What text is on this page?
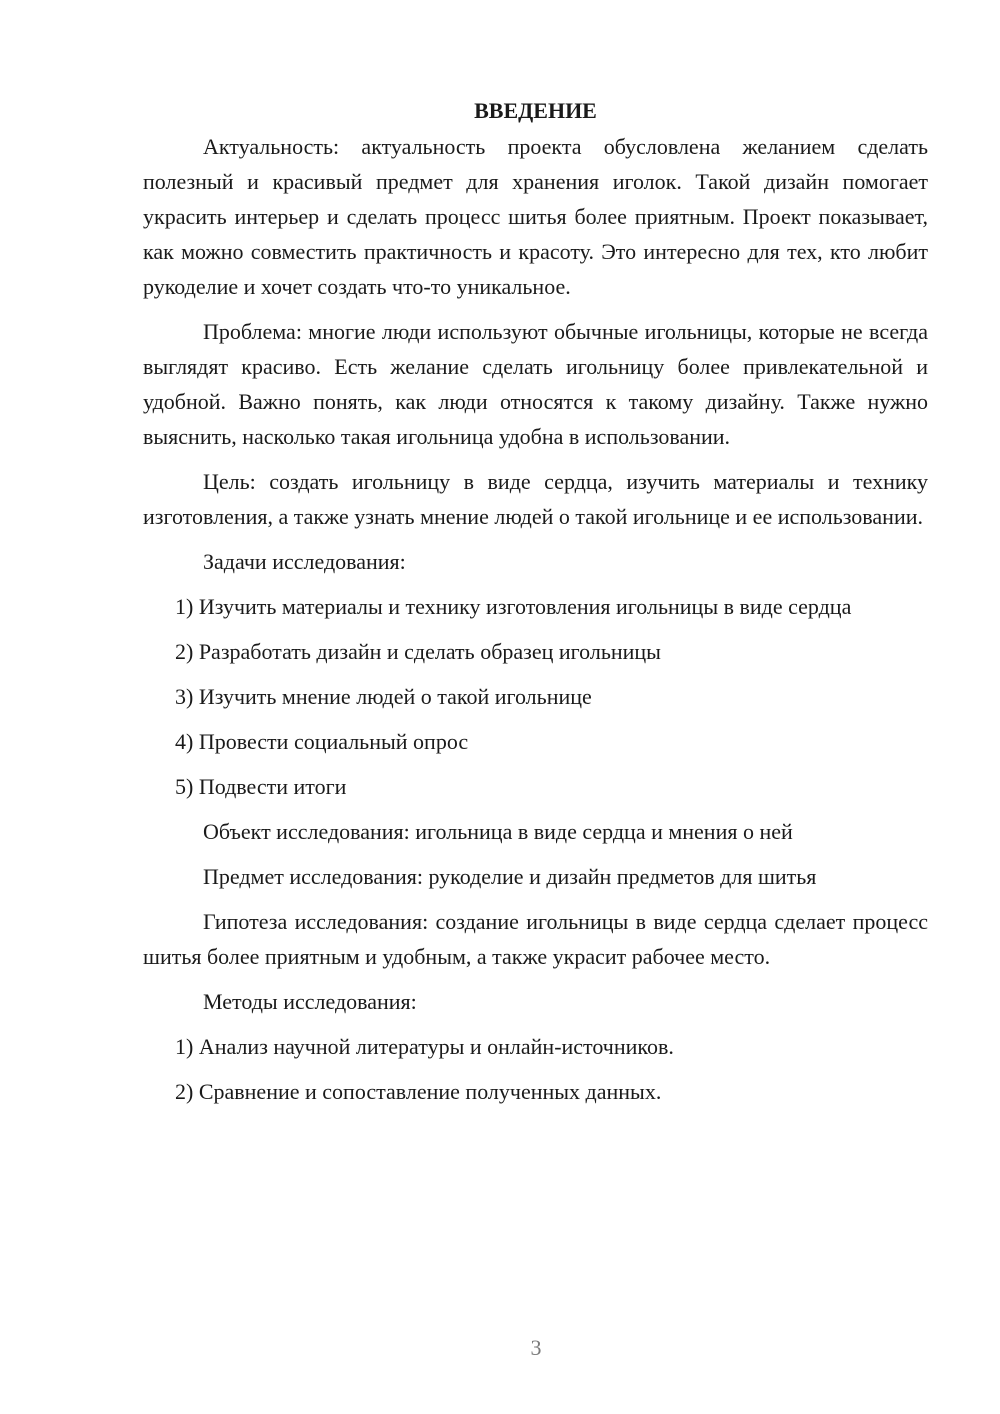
ВВЕДЕНИЕ

Актуальность: актуальность проекта обусловлена желанием сделать полезный и красивый предмет для хранения иголок. Такой дизайн помогает украсить интерьер и сделать процесс шитья более приятным. Проект показывает, как можно совместить практичность и красоту. Это интересно для тех, кто любит рукоделие и хочет создать что-то уникальное.

Проблема: многие люди используют обычные игольницы, которые не всегда выглядят красиво. Есть желание сделать игольницу более привлекательной и удобной. Важно понять, как люди относятся к такому дизайну. Также нужно выяснить, насколько такая игольница удобна в использовании.

Цель: создать игольницу в виде сердца, изучить материалы и технику изготовления, а также узнать мнение людей о такой игольнице и ее использовании.

Задачи исследования:

1) Изучить материалы и технику изготовления игольницы в виде сердца

2) Разработать дизайн и сделать образец игольницы

3) Изучить мнение людей о такой игольнице

4) Провести социальный опрос

5) Подвести итоги

Объект исследования: игольница в виде сердца и мнения о ней

Предмет исследования: рукоделие и дизайн предметов для шитья

Гипотеза исследования: создание игольницы в виде сердца сделает процесс шитья более приятным и удобным, а также украсит рабочее место.

Методы исследования:

1) Анализ научной литературы и онлайн-источников.

2) Сравнение и сопоставление полученных данных.

3
